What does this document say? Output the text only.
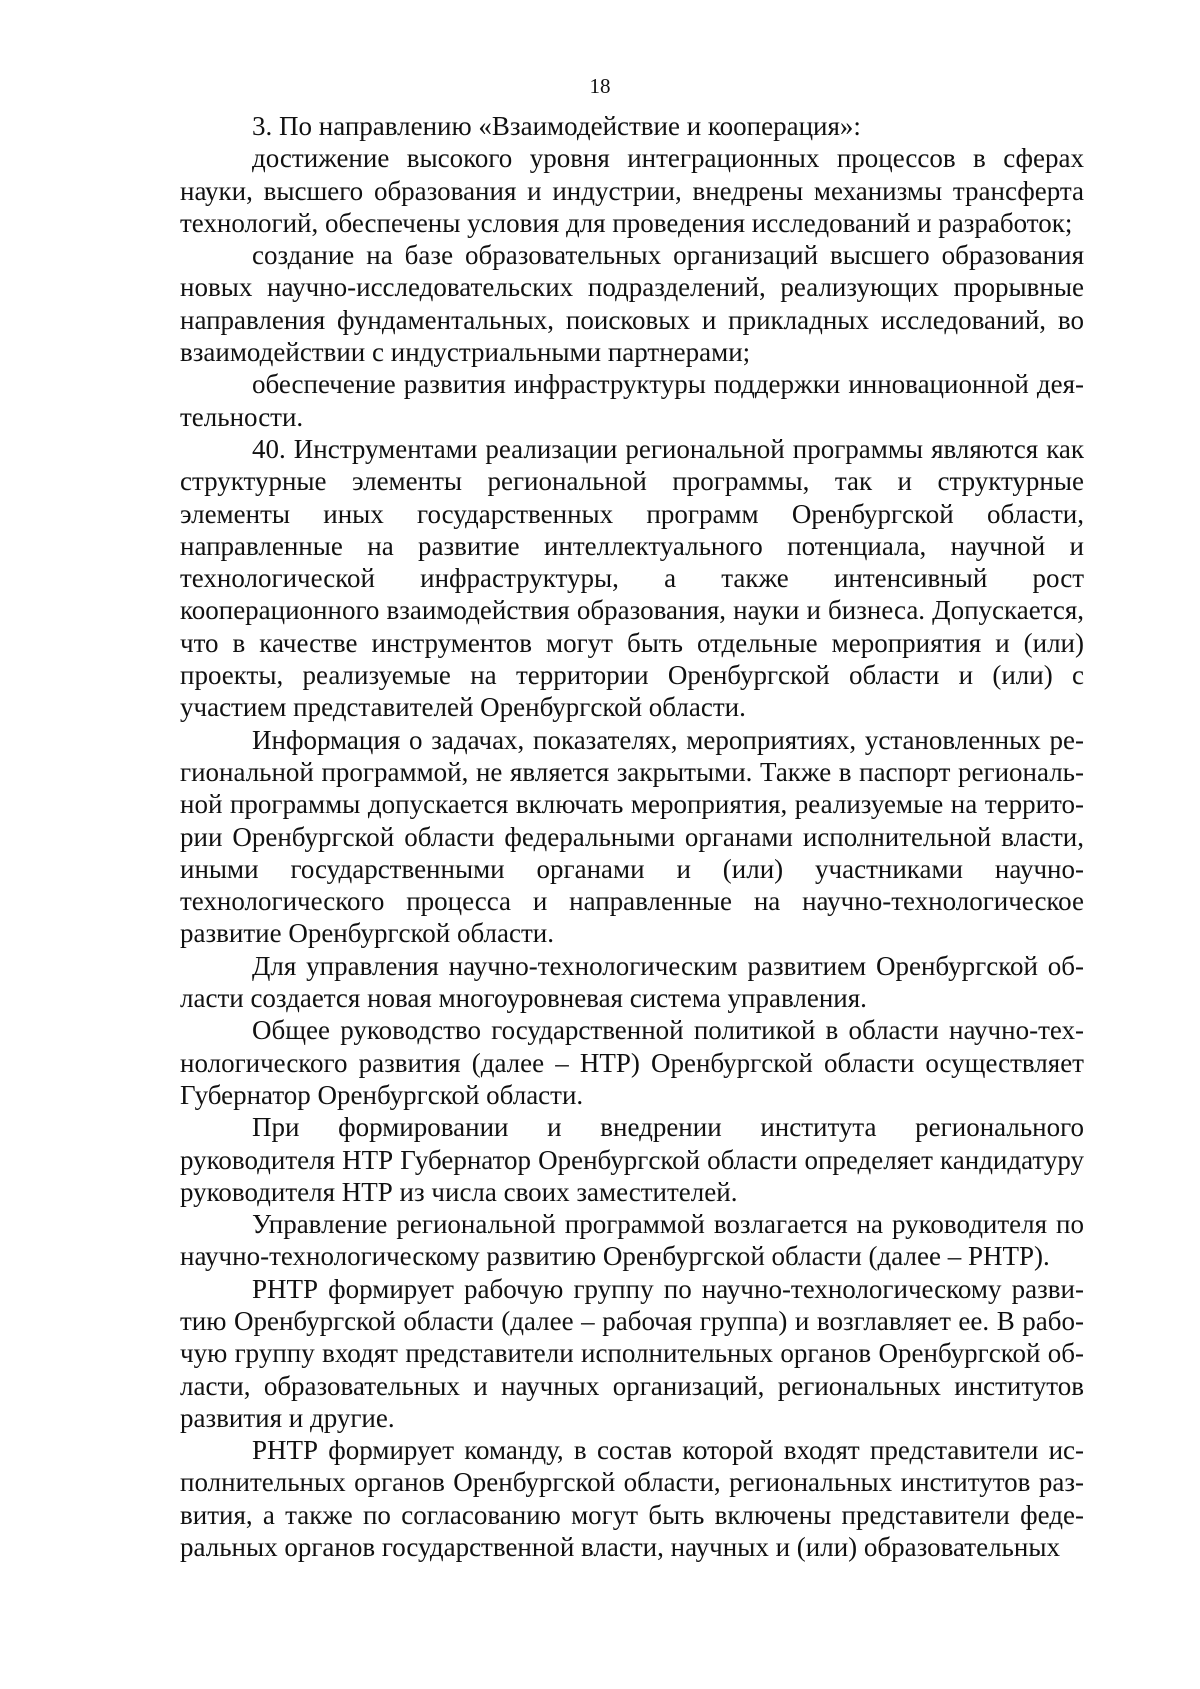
18

3. По направлению «Взаимодействие и кооперация»:

достижение высокого уровня интеграционных процессов в сферах науки, высшего образования и индустрии, внедрены механизмы трансферта технологий, обеспечены условия для проведения исследований и разработок;

создание на базе образовательных организаций высшего образования новых научно-исследовательских подразделений, реализующих прорывные направления фундаментальных, поисковых и прикладных исследований, во взаимодействии с индустриальными партнерами;

обеспечение развития инфраструктуры поддержки инновационной деятельности.

40. Инструментами реализации региональной программы являются как структурные элементы региональной программы, так и структурные элементы иных государственных программ Оренбургской области, направленные на развитие интеллектуального потенциала, научной и технологической инфраструктуры, а также интенсивный рост кооперационного взаимодействия образования, науки и бизнеса. Допускается, что в качестве инструментов могут быть отдельные мероприятия и (или) проекты, реализуемые на территории Оренбургской области и (или) с участием представителей Оренбургской области.

Информация о задачах, показателях, мероприятиях, установленных региональной программой, не является закрытыми. Также в паспорт региональной программы допускается включать мероприятия, реализуемые на территории Оренбургской области федеральными органами исполнительной власти, иными государственными органами и (или) участниками научно-технологического процесса и направленные на научно-технологическое развитие Оренбургской области.

Для управления научно-технологическим развитием Оренбургской области создается новая многоуровневая система управления.

Общее руководство государственной политикой в области научно-технологического развития (далее – НТР) Оренбургской области осуществляет Губернатор Оренбургской области.

При формировании и внедрении института регионального руководителя НТР Губернатор Оренбургской области определяет кандидатуру руководителя НТР из числа своих заместителей.

Управление региональной программой возлагается на руководителя по научно-технологическому развитию Оренбургской области (далее – РНТР).

РНТР формирует рабочую группу по научно-технологическому развитию Оренбургской области (далее – рабочая группа) и возглавляет ее. В рабочую группу входят представители исполнительных органов Оренбургской области, образовательных и научных организаций, региональных институтов развития и другие.

РНТР формирует команду, в состав которой входят представители исполнительных органов Оренбургской области, региональных институтов развития, а также по согласованию могут быть включены представители федеральных органов государственной власти, научных и (или) образовательных
